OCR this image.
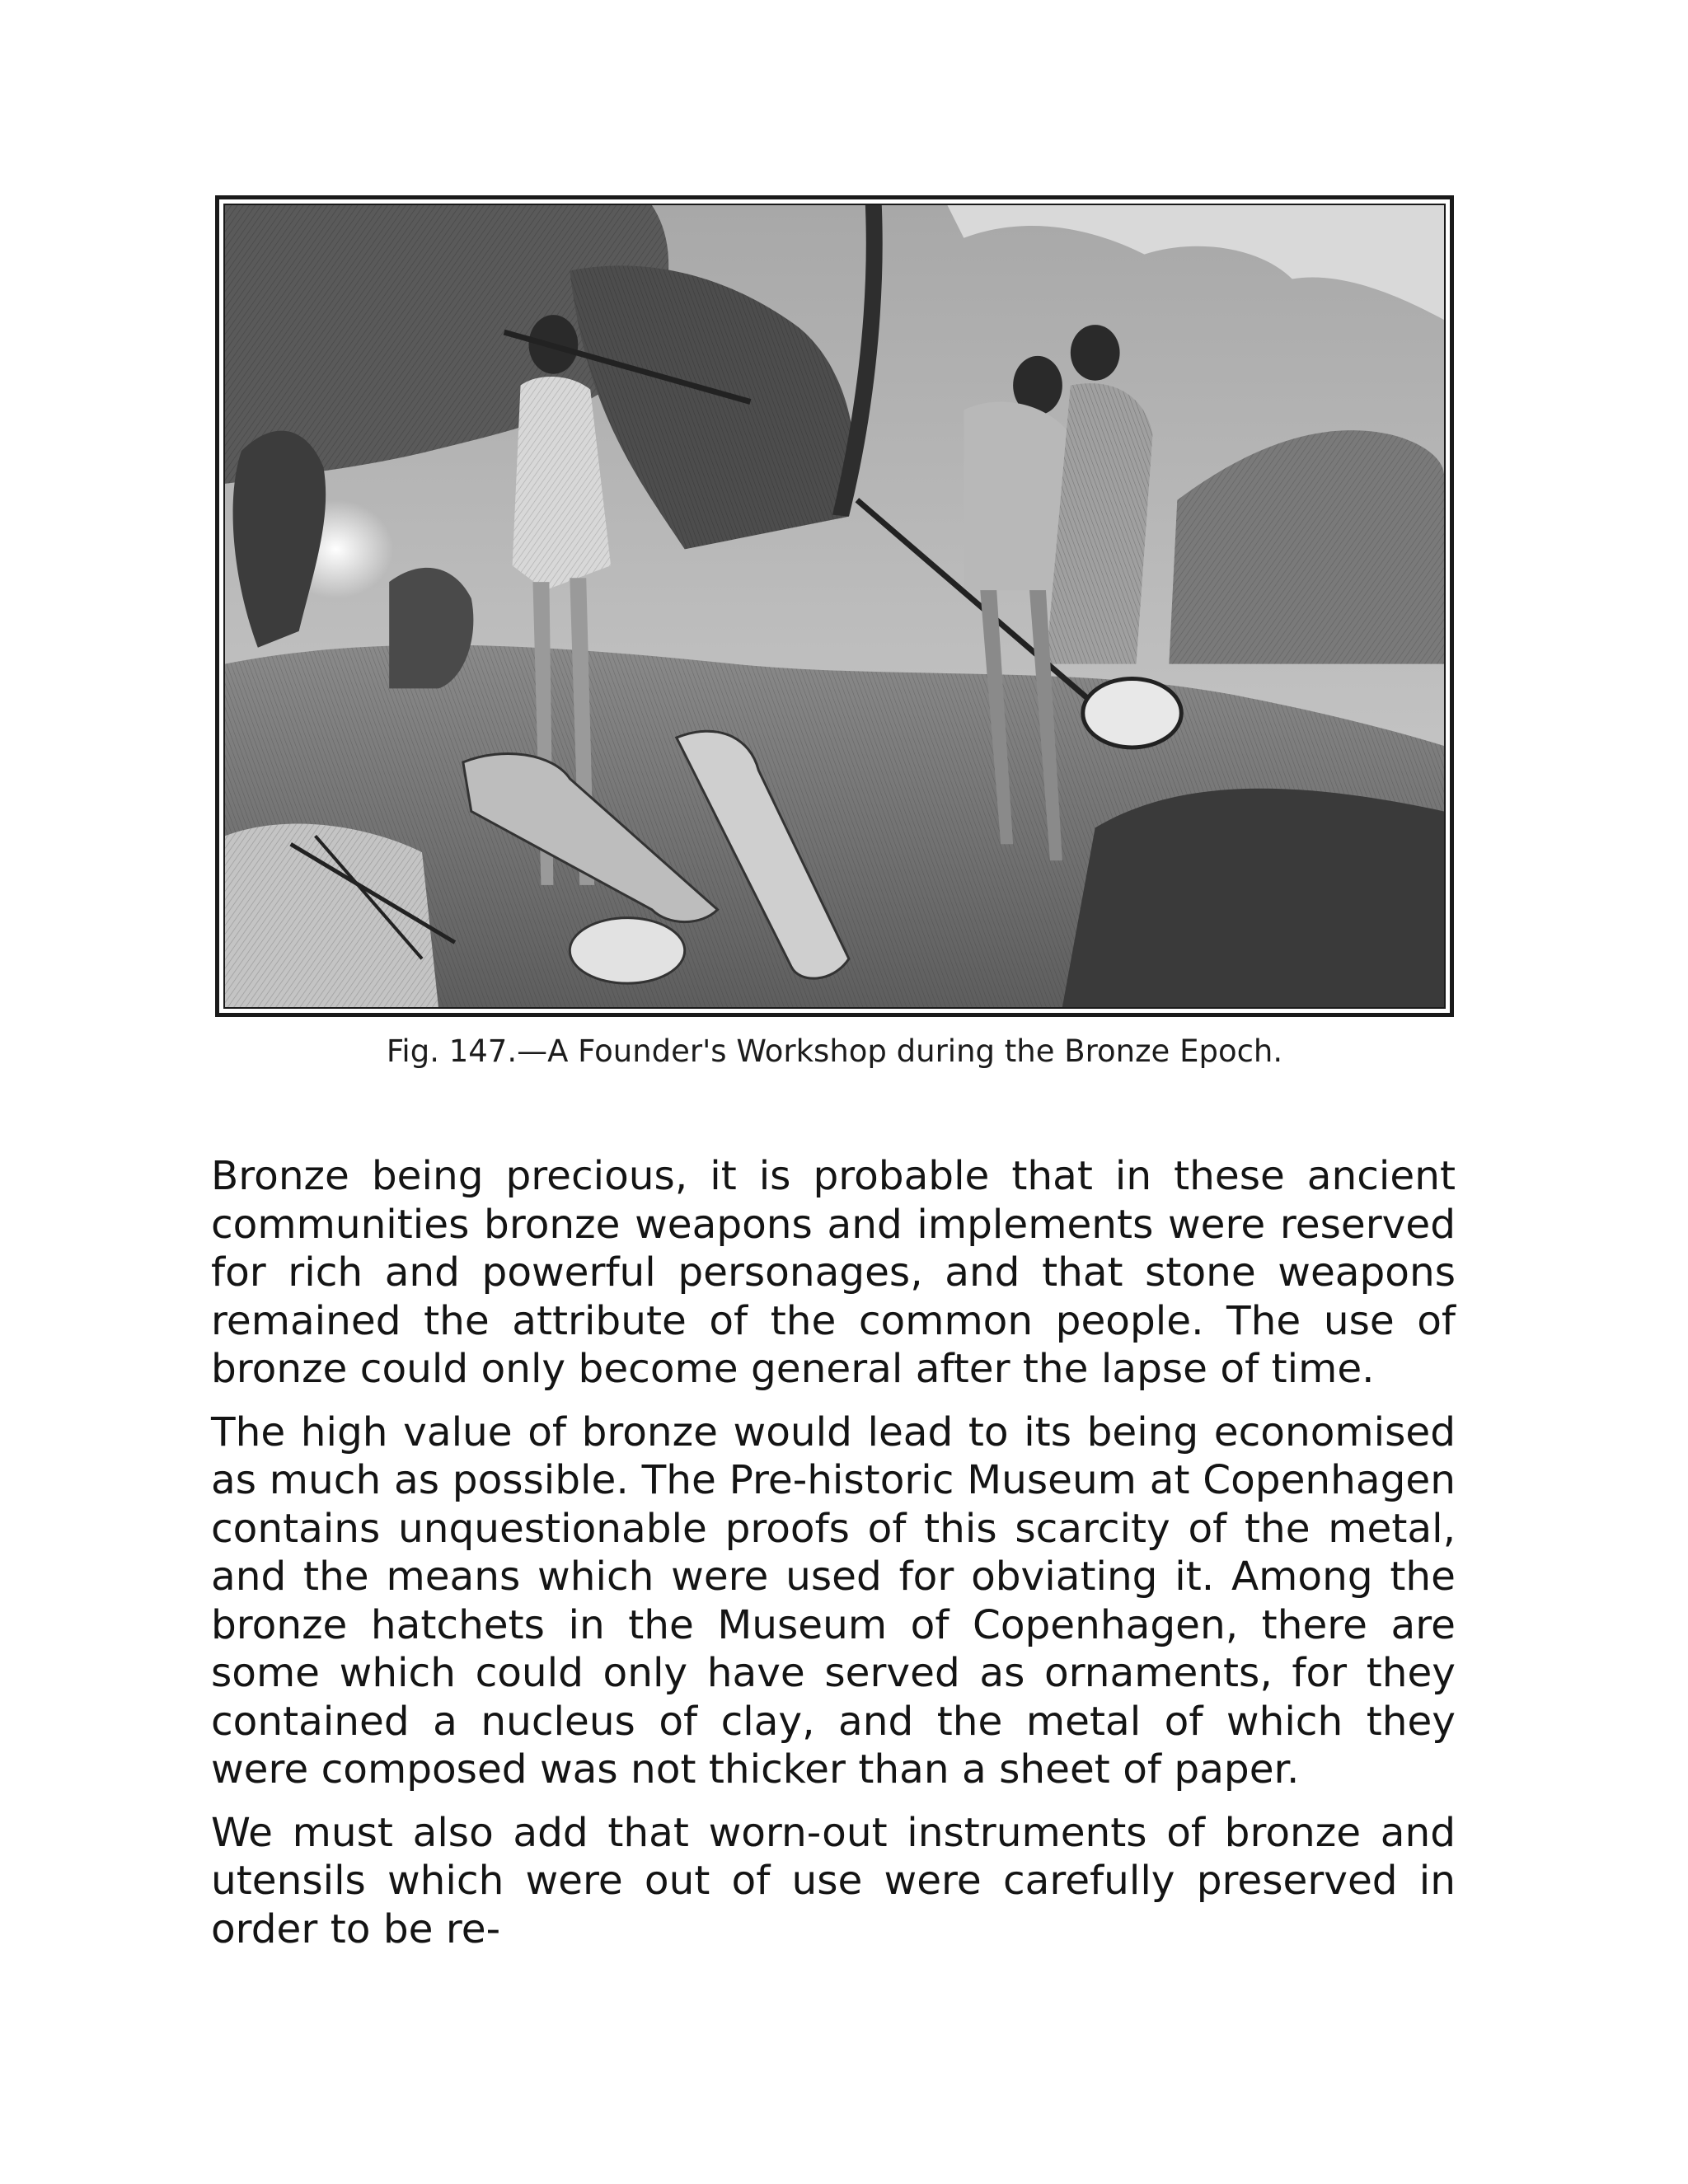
Fig. 147.—A Founder's Workshop during the Bronze Epoch.

Bronze being precious, it is probable that in these ancient communities bronze weapons and implements were reserved for rich and powerful personages, and that stone weapons remained the attribute of the common people. The use of bronze could only become general after the lapse of time.

The high value of bronze would lead to its being economised as much as possible. The Pre-historic Museum at Copenhagen contains unquestionable proofs of this scarcity of the metal, and the means which were used for obviating it. Among the bronze hatchets in the Museum of Copenhagen, there are some which could only have served as ornaments, for they contained a nucleus of clay, and the metal of which they were composed was not thicker than a sheet of paper.

We must also add that worn-out instruments of bronze and utensils which were out of use were carefully preserved in order to be re-
